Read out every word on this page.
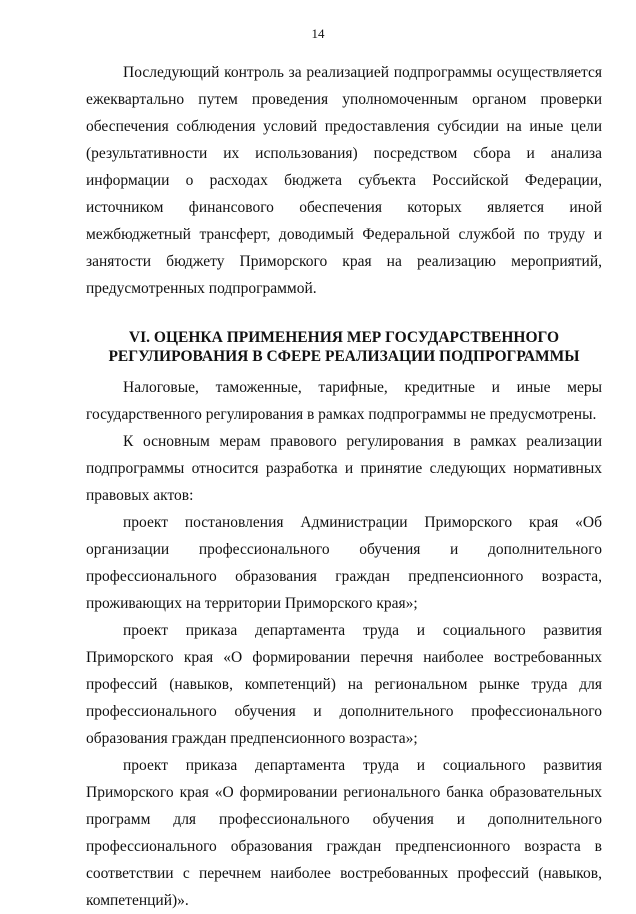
14

Последующий контроль за реализацией подпрограммы осуществляется ежеквартально путем проведения уполномоченным органом проверки обеспечения соблюдения условий предоставления субсидии на иные цели (результативности их использования) посредством сбора и анализа информации о расходах бюджета субъекта Российской Федерации, источником финансового обеспечения которых является иной межбюджетный трансферт, доводимый Федеральной службой по труду и занятости бюджету Приморского края на реализацию мероприятий, предусмотренных подпрограммой.

VI. ОЦЕНКА ПРИМЕНЕНИЯ МЕР ГОСУДАРСТВЕННОГО
РЕГУЛИРОВАНИЯ В СФЕРЕ РЕАЛИЗАЦИИ ПОДПРОГРАММЫ

Налоговые, таможенные, тарифные, кредитные и иные меры государственного регулирования в рамках подпрограммы не предусмотрены.

К основным мерам правового регулирования в рамках реализации подпрограммы относится разработка и принятие следующих нормативных правовых актов:

проект постановления Администрации Приморского края «Об организации профессионального обучения и дополнительного профессионального образования граждан предпенсионного возраста, проживающих на территории Приморского края»;

проект приказа департамента труда и социального развития Приморского края «О формировании перечня наиболее востребованных профессий (навыков, компетенций) на региональном рынке труда для профессионального обучения и дополнительного профессионального образования граждан предпенсионного возраста»;

проект приказа департамента труда и социального развития Приморского края «О формировании регионального банка образовательных программ для профессионального обучения и дополнительного профессионального образования граждан предпенсионного возраста в соответствии с перечнем наиболее востребованных профессий (навыков, компетенций)».
